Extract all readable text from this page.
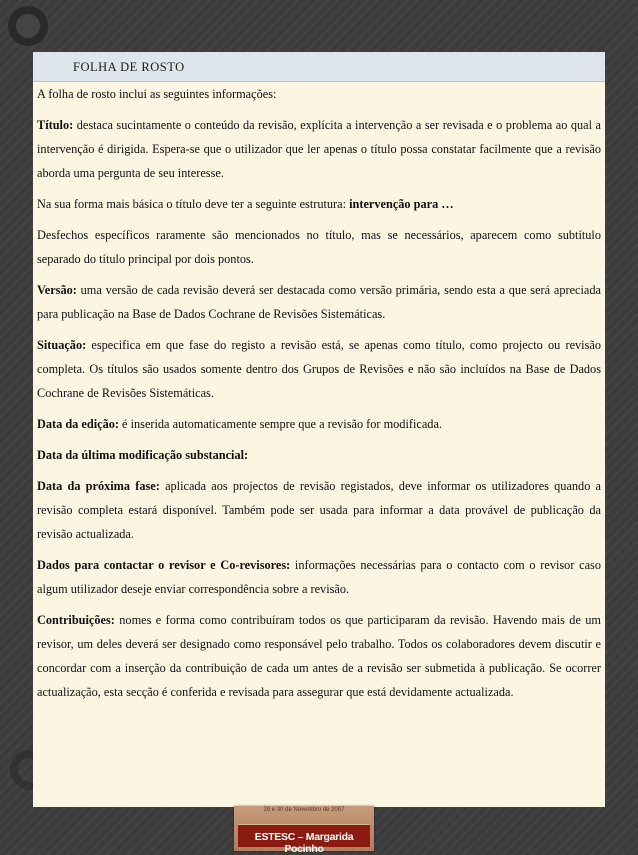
FOLHA DE ROSTO

A folha de rosto inclui as seguintes informações:

Título: destaca sucintamente o conteúdo da revisão, explícita a intervenção a ser revisada e o problema ao qual a intervenção é dirigida. Espera-se que o utilizador que ler apenas o título possa constatar facilmente que a revisão aborda uma pergunta de seu interesse.

Na sua forma mais básica o título deve ter a seguinte estrutura: intervenção para …

Desfechos específicos raramente são mencionados no título, mas se necessários, aparecem como subtítulo separado do título principal por dois pontos.

Versão: uma versão de cada revisão deverá ser destacada como versão primária, sendo esta a que será apreciada para publicação na Base de Dados Cochrane de Revisões Sistemáticas.

Situação: especifica em que fase do registo a revisão está, se apenas como título, como projecto ou revisão completa. Os títulos são usados somente dentro dos Grupos de Revisões e não são incluídos na Base de Dados Cochrane de Revisões Sistemáticas.

Data da edição: é inserida automaticamente sempre que a revisão for modificada.

Data da última modificação substancial:

Data da próxima fase: aplicada aos projectos de revisão registados, deve informar os utilizadores quando a revisão completa estará disponível. Também pode ser usada para informar a data provável de publicação da revisão actualizada.

Dados para contactar o revisor e Co-revisores: informações necessárias para o contacto com o revisor caso algum utilizador deseje enviar correspondência sobre a revisão.

Contribuições: nomes e forma como contribuíram todos os que participaram da revisão. Havendo mais de um revisor, um deles deverá ser designado como responsável pelo trabalho. Todos os colaboradores devem discutir e concordar com a inserção da contribuição de cada um antes de a revisão ser submetida à publicação. Se ocorrer actualização, esta secção é conferida e revisada para assegurar que está devidamente actualizada.

29 e 30 de Novembro de 2007
ESTESC – Margarida Pocinho
